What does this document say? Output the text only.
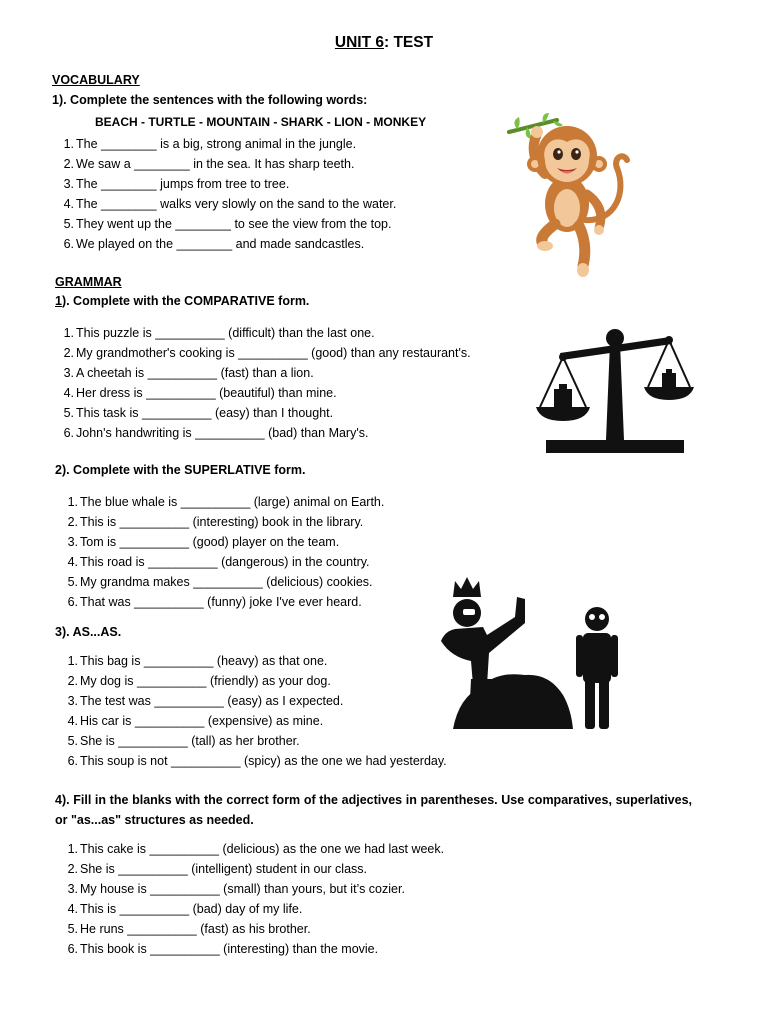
UNIT 6: TEST
VOCABULARY
1). Complete the sentences with the following words:
BEACH - TURTLE - MOUNTAIN - SHARK - LION - MONKEY
1. The ________ is a big, strong animal in the jungle.
2. We saw a ________ in the sea. It has sharp teeth.
3. The ________ jumps from tree to tree.
4. The ________ walks very slowly on the sand to the water.
5. They went up the ________ to see the view from the top.
6. We played on the ________ and made sandcastles.
GRAMMAR
1). Complete with the COMPARATIVE form.
1. This puzzle is __________ (difficult) than the last one.
2. My grandmother's cooking is __________ (good) than any restaurant's.
3. A cheetah is __________ (fast) than a lion.
4. Her dress is __________ (beautiful) than mine.
5. This task is __________ (easy) than I thought.
6. John's handwriting is __________ (bad) than Mary's.
2). Complete with the SUPERLATIVE form.
1. The blue whale is __________ (large) animal on Earth.
2. This is __________ (interesting) book in the library.
3. Tom is __________ (good) player on the team.
4. This road is __________ (dangerous) in the country.
5. My grandma makes __________ (delicious) cookies.
6. That was __________ (funny) joke I've ever heard.
3). AS...AS.
1. This bag is __________ (heavy) as that one.
2. My dog is __________ (friendly) as your dog.
3. The test was __________ (easy) as I expected.
4. His car is __________ (expensive) as mine.
5. She is __________ (tall) as her brother.
6. This soup is not __________ (spicy) as the one we had yesterday.
4). Fill in the blanks with the correct form of the adjectives in parentheses. Use comparatives, superlatives, or "as...as" structures as needed.
1. This cake is __________ (delicious) as the one we had last week.
2. She is __________ (intelligent) student in our class.
3. My house is __________ (small) than yours, but it’s cozier.
4. This is __________ (bad) day of my life.
5. He runs __________ (fast) as his brother.
6. This book is __________ (interesting) than the movie.
